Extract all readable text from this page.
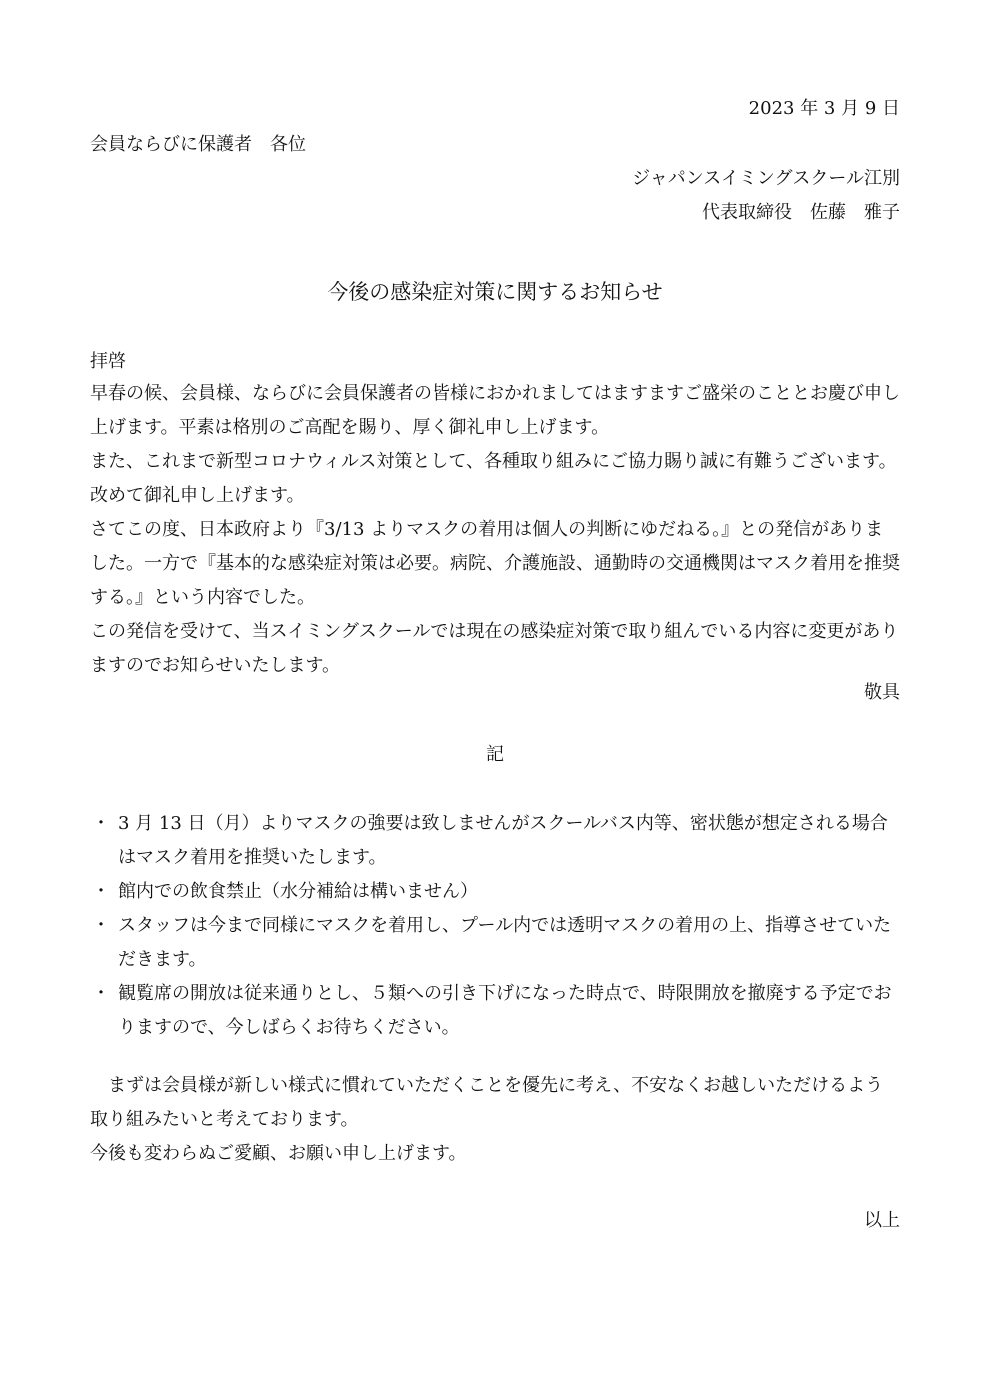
2023 年 3 月 9 日
会員ならびに保護者　各位
ジャパンスイミングスクール江別
代表取締役　佐藤　雅子
今後の感染症対策に関するお知らせ
拝啓
早春の候、会員様、ならびに会員保護者の皆様におかれましてはますますご盛栄のこととお慶び申し上げます。平素は格別のご高配を賜り、厚く御礼申し上げます。
また、これまで新型コロナウィルス対策として、各種取り組みにご協力賜り誠に有難うございます。改めて御礼申し上げます。
さてこの度、日本政府より『3/13 よりマスクの着用は個人の判断にゆだねる。』との発信がありました。一方で『基本的な感染症対策は必要。病院、介護施設、通勤時の交通機関はマスク着用を推奨する。』という内容でした。
この発信を受けて、当スイミングスクールでは現在の感染症対策で取り組んでいる内容に変更がありますのでお知らせいたします。
敬具
記
・ 3 月 13 日（月）よりマスクの強要は致しませんがスクールバス内等、密状態が想定される場合はマスク着用を推奨いたします。
・ 館内での飲食禁止（水分補給は構いません）
・ スタッフは今まで同様にマスクを着用し、プール内では透明マスクの着用の上、指導させていただきます。
・ 観覧席の開放は従来通りとし、５類への引き下げになった時点で、時限開放を撤廃する予定でおりますので、今しばらくお待ちください。
　まずは会員様が新しい様式に慣れていただくことを優先に考え、不安なくお越しいただけるよう取り組みたいと考えております。
今後も変わらぬご愛顧、お願い申し上げます。
以上
